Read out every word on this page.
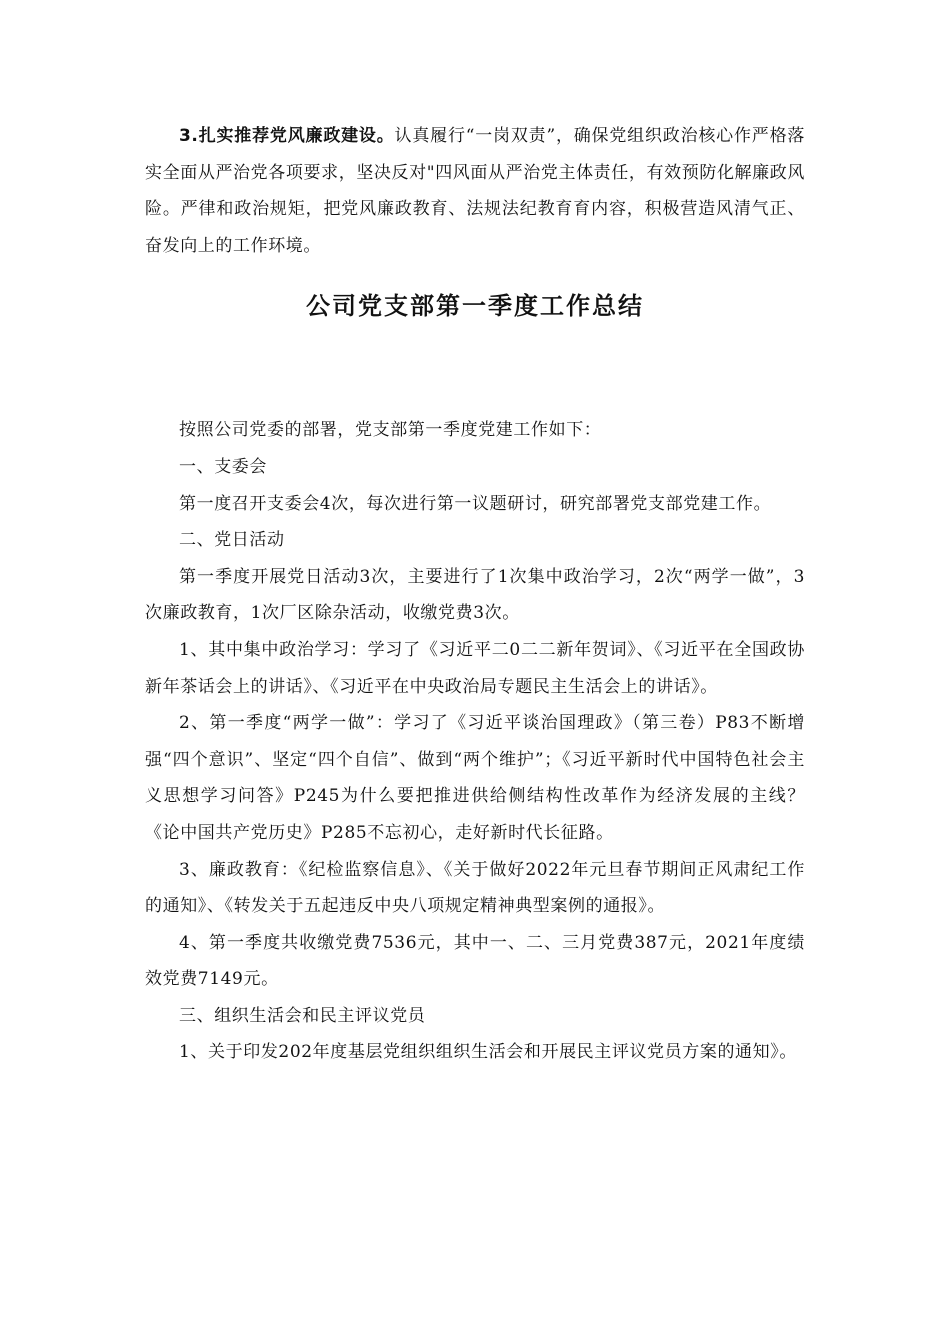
3.扎实推荐党风廉政建设。认真履行“一岗双责”，确保党组织政治核心作严格落实全面从严治党各项要求，坚决反对"四风面从严治党主体责任，有效预防化解廉政风险。严律和政治规矩，把党风廉政教育、法规法纪教育育内容，积极营造风清气正、奋发向上的工作环境。

公司党支部第一季度工作总结

按照公司党委的部署，党支部第一季度党建工作如下：

一、支委会

第一度召开支委会4次，每次进行第一议题研讨，研究部署党支部党建工作。

二、党日活动

第一季度开展党日活动3次，主要进行了1次集中政治学习，2次“两学一做”，3次廉政教育，1次厂区除杂活动，收缴党费3次。

1、其中集中政治学习：学习了《习近平二0二二新年贺词》、《习近平在全国政协新年茶话会上的讲话》、《习近平在中央政治局专题民主生活会上的讲话》。

2、第一季度“两学一做”：学习了《习近平谈治国理政》（第三卷）P83不断增强“四个意识”、坚定“四个自信”、做到“两个维护”；《习近平新时代中国特色社会主义思想学习问答》P245为什么要把推进供给侧结构性改革作为经济发展的主线？《论中国共产党历史》P285不忘初心，走好新时代长征路。

3、廉政教育：《纪检监察信息》、《关于做好2022年元旦春节期间正风肃纪工作的通知》、《转发关于五起违反中央八项规定精神典型案例的通报》。

4、第一季度共收缴党费7536元，其中一、二、三月党费387元，2021年度绩效党费7149元。

三、组织生活会和民主评议党员

1、关于印发202年度基层党组织组织生活会和开展民主评议党员方案的通知》。
